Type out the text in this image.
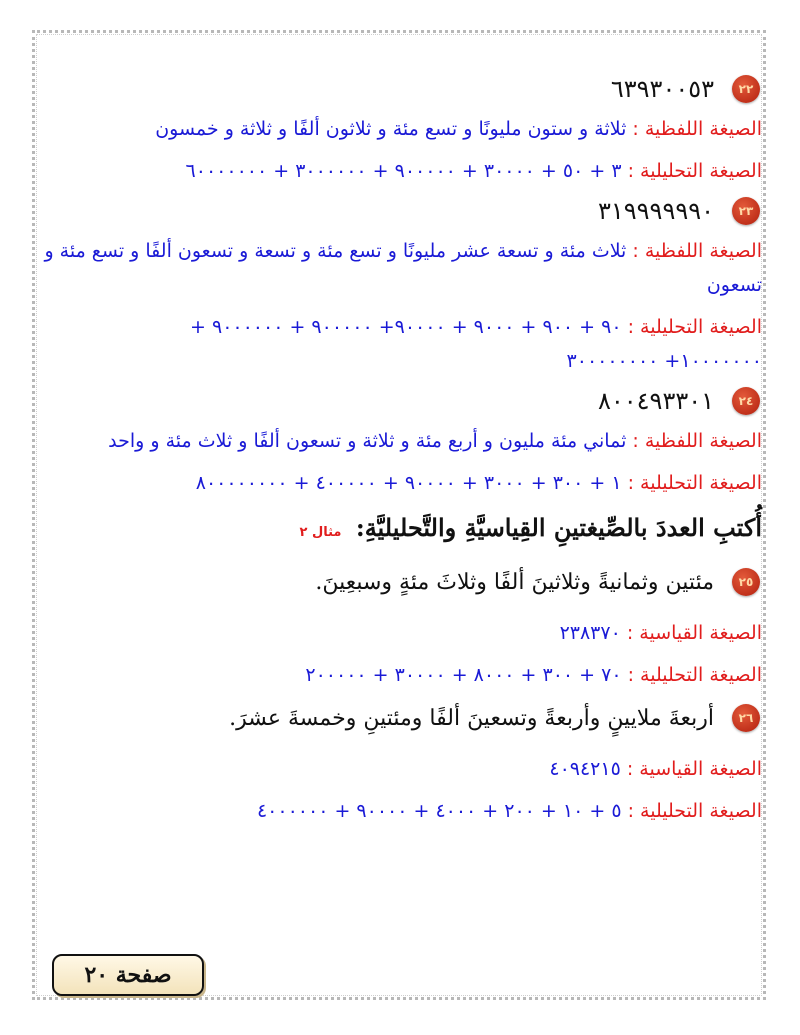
٢٢
٦٣٩٣٠٠٥٣
الصيغة اللفظية : ثلاثة و ستون مليونًا و تسع مئة و ثلاثون ألفًا و ثلاثة و خمسون
الصيغة التحليلية : ٣ + ٥٠ + ٣٠٠٠٠ + ٩٠٠٠٠٠ + ٣٠٠٠٠٠٠ + ٦٠٠٠٠٠٠٠
٢٣
٣١٩٩٩٩٩٩٠
الصيغة اللفظية : ثلاث مئة و تسعة عشر مليونًا و تسع مئة و تسعة و تسعون ألفًا و تسع مئة و تسعون
الصيغة التحليلية : ٩٠ + ٩٠٠ + ٩٠٠٠ + ٩٠٠٠٠+ ٩٠٠٠٠٠ + ٩٠٠٠٠٠٠ +
١٠٠٠٠٠٠٠+ ٣٠٠٠٠٠٠٠٠
٢٤
٨٠٠٤٩٣٣٠١
الصيغة اللفظية : ثماني مئة مليون و أربع مئة و ثلاثة و تسعون ألفًا و ثلاث مئة و واحد
الصيغة التحليلية : ١ + ٣٠٠ + ٣٠٠٠ + ٩٠٠٠٠ + ٤٠٠٠٠٠ + ٨٠٠٠٠٠٠٠٠
أُكتبِ العددَ بالصِّيغتينِ القِياسيَّةِ والتَّحليليَّةِ: مثال ٢
٢٥
مئتين وثمانيةً وثلاثينَ ألفًا وثلاثَ مئةٍ وسبعِينَ.
الصيغة القياسية : ٢٣٨٣٧٠
الصيغة التحليلية : ٧٠ + ٣٠٠ + ٨٠٠٠ + ٣٠٠٠٠ + ٢٠٠٠٠٠
٢٦
أربعةَ ملايينٍ وأربعةً وتسعينَ ألفًا ومئتينِ وخمسةَ عشرَ.
الصيغة القياسية : ٤٠٩٤٢١٥
الصيغة التحليلية : ٥ + ١٠ + ٢٠٠ + ٤٠٠٠ + ٩٠٠٠٠ + ٤٠٠٠٠٠٠
صفحة ٢٠
